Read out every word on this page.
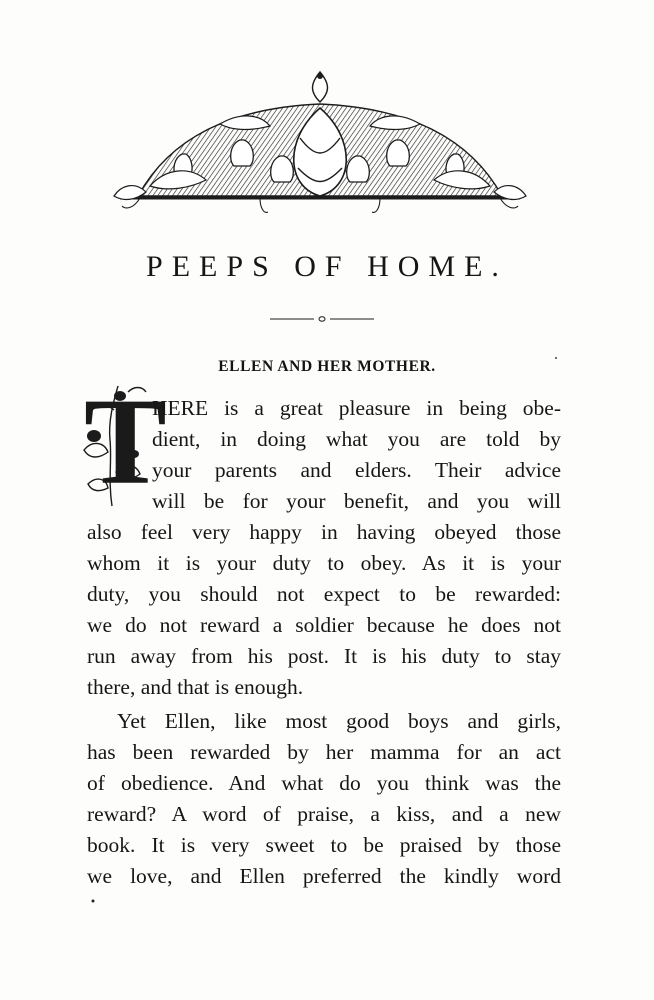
PEEPS OF HOME.
ELLEN AND HER MOTHER.
T
HERE is a great pleasure in being obe-
dient, in doing what you are told by
your parents and elders. Their advice
will be for your benefit, and you will
also feel very happy in having obeyed those
whom it is your duty to obey. As it is your
duty, you should not expect to be rewarded:
we do not reward a soldier because he does not
run away from his post. It is his duty to stay
there, and that is enough.
Yet Ellen, like most good boys and girls,
has been rewarded by her mamma for an act
of obedience. And what do you think was the
reward? A word of praise, a kiss, and a new
book. It is very sweet to be praised by those
we love, and Ellen preferred the kindly word
